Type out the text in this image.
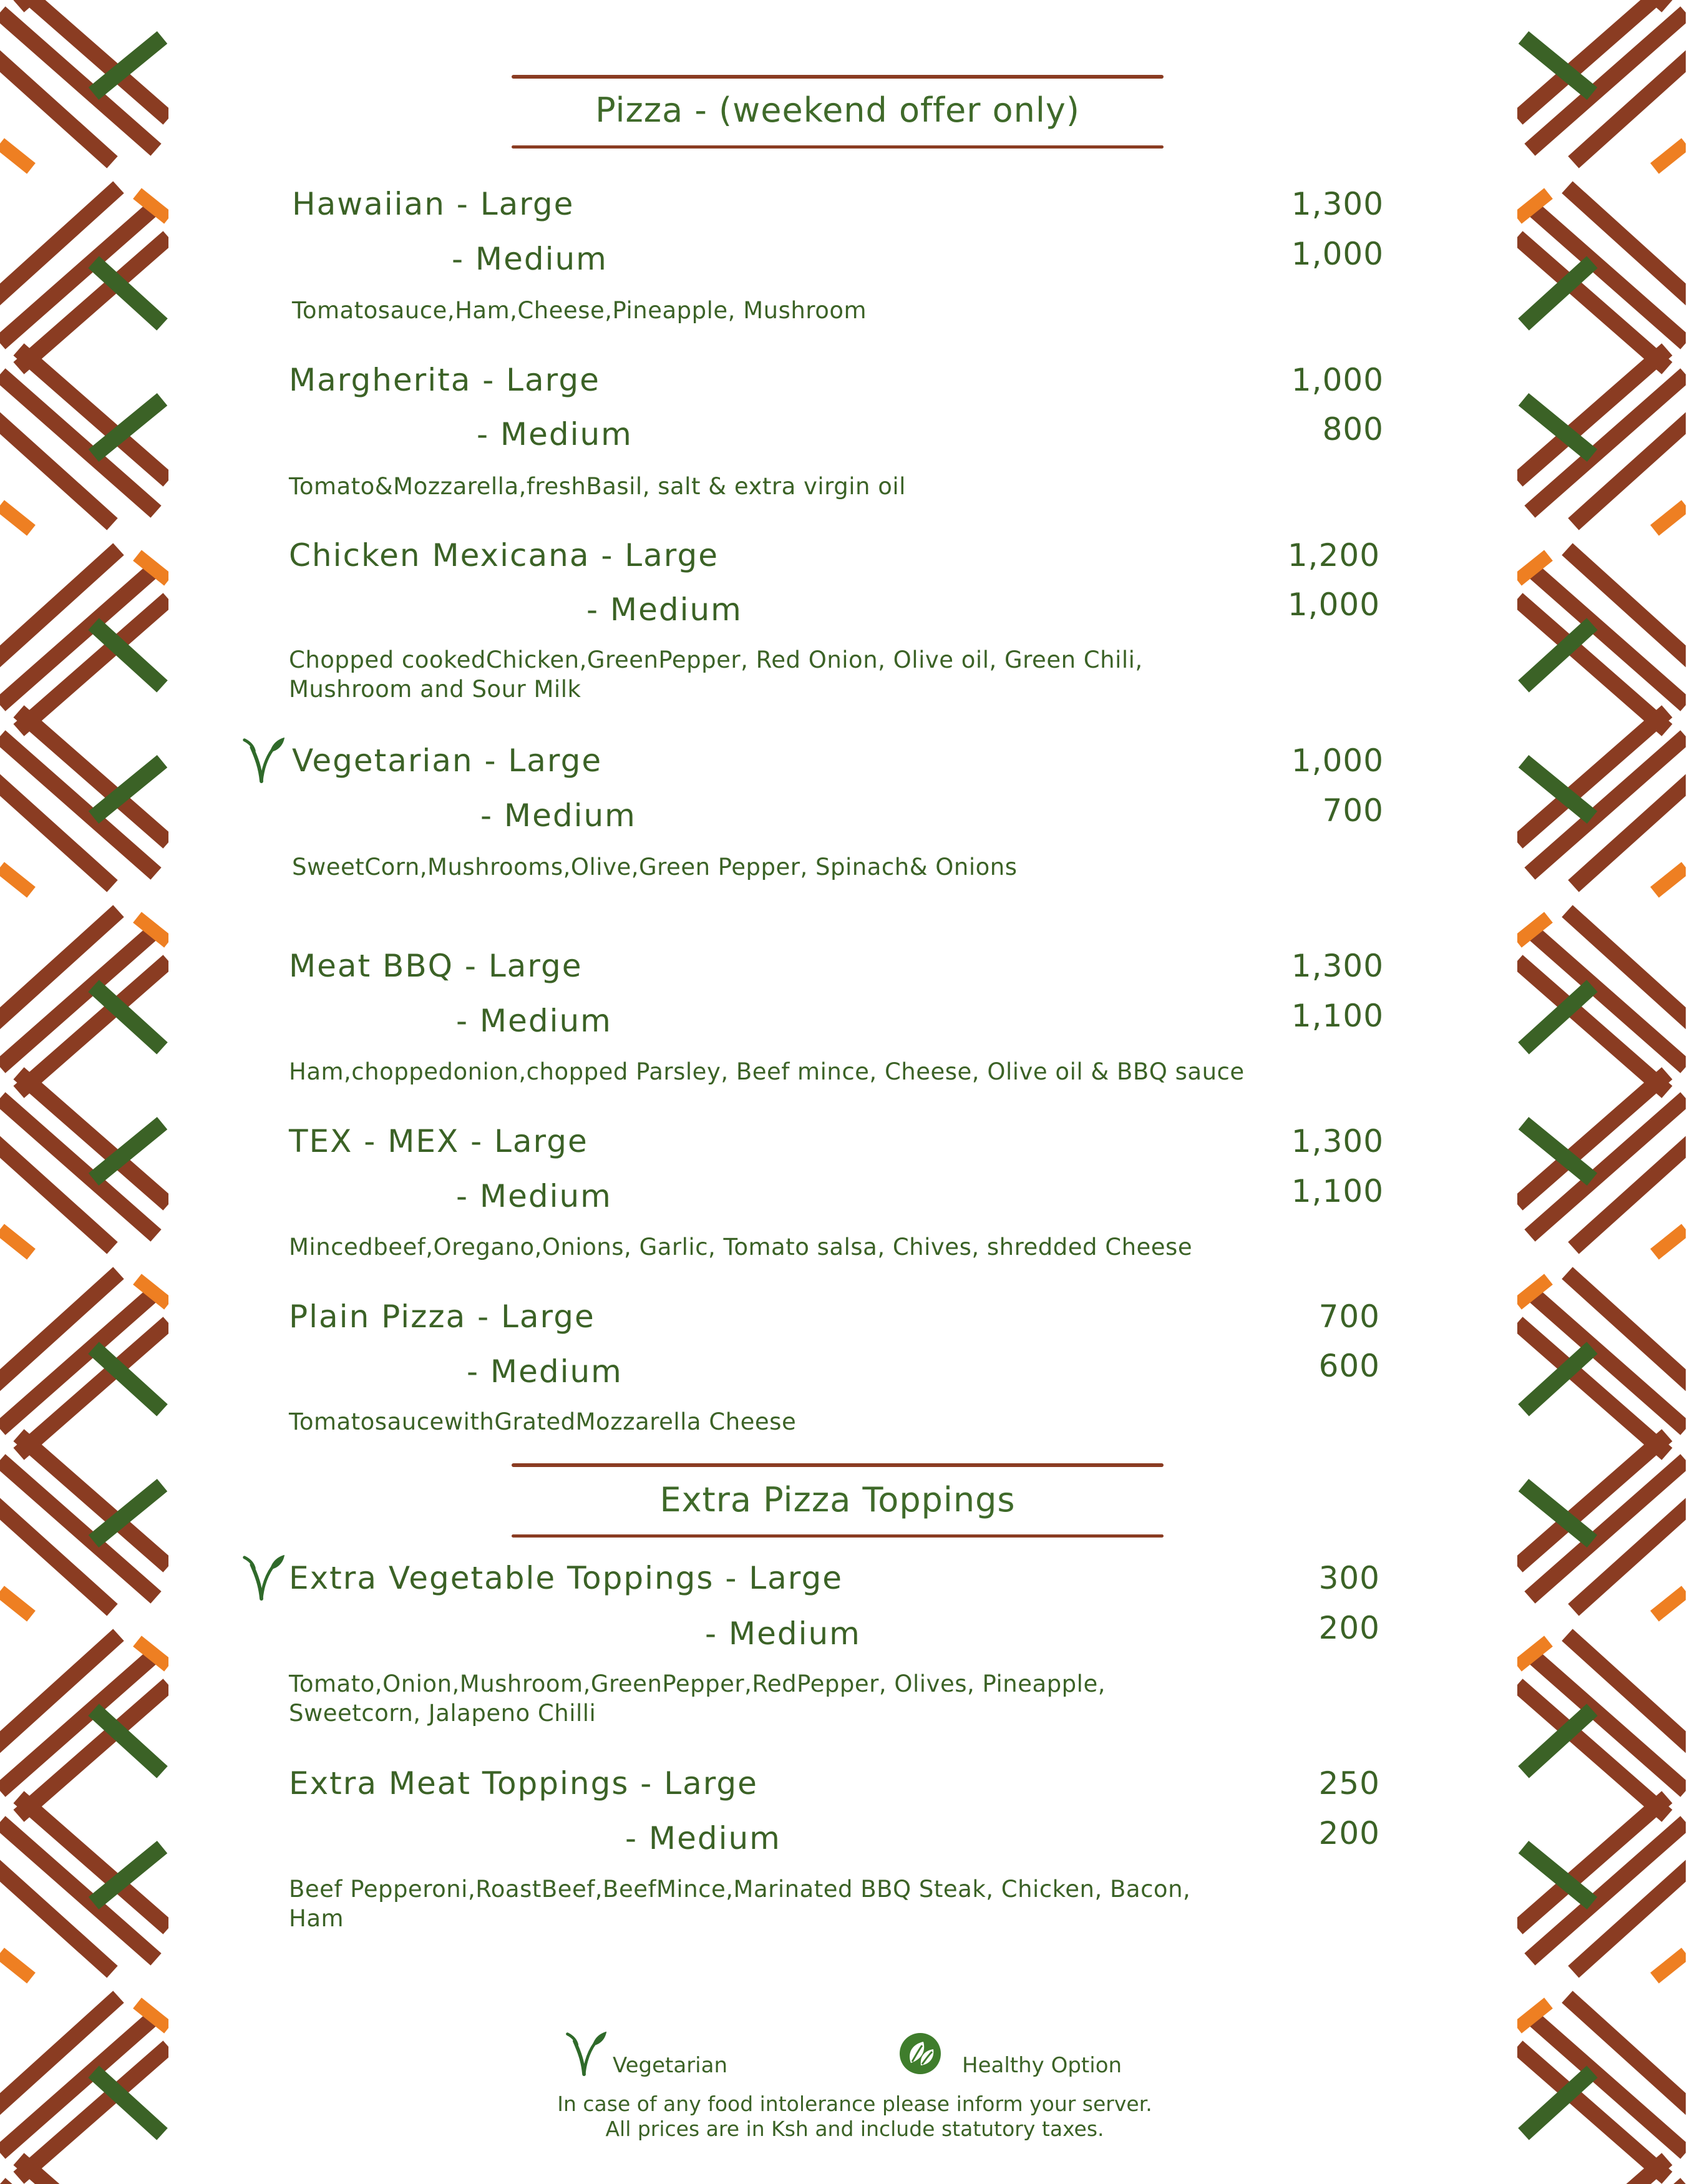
Pizza - (weekend offer only)
Hawaiian - Large
- Medium
1,300
1,000
Tomatosauce,Ham,Cheese,Pineapple, Mushroom
Margherita - Large
- Medium
1,000
800
Tomato&Mozzarella,freshBasil, salt & extra virgin oil
Chicken Mexicana - Large
- Medium
1,200
1,000
Chopped cookedChicken,GreenPepper, Red Onion, Olive oil, Green Chili,
Mushroom and Sour Milk
Vegetarian - Large
- Medium
1,000
700
SweetCorn,Mushrooms,Olive,Green Pepper, Spinach& Onions
Meat BBQ - Large
- Medium
1,300
1,100
Ham,choppedonion,chopped Parsley, Beef mince, Cheese, Olive oil & BBQ sauce
TEX - MEX - Large
- Medium
1,300
1,100
Mincedbeef,Oregano,Onions, Garlic, Tomato salsa, Chives, shredded Cheese
Plain Pizza - Large
- Medium
700
600
TomatosaucewithGratedMozzarella Cheese
Extra Pizza Toppings
Extra Vegetable Toppings - Large
- Medium
300
200
Tomato,Onion,Mushroom,GreenPepper,RedPepper, Olives, Pineapple,
Sweetcorn, Jalapeno Chilli
Extra Meat Toppings - Large
- Medium
250
200
Beef Pepperoni,RoastBeef,BeefMince,Marinated BBQ Steak, Chicken, Bacon,
Ham
Vegetarian	Healthy Option
In case of any food intolerance please inform your server.
All prices are in Ksh and include statutory taxes.
